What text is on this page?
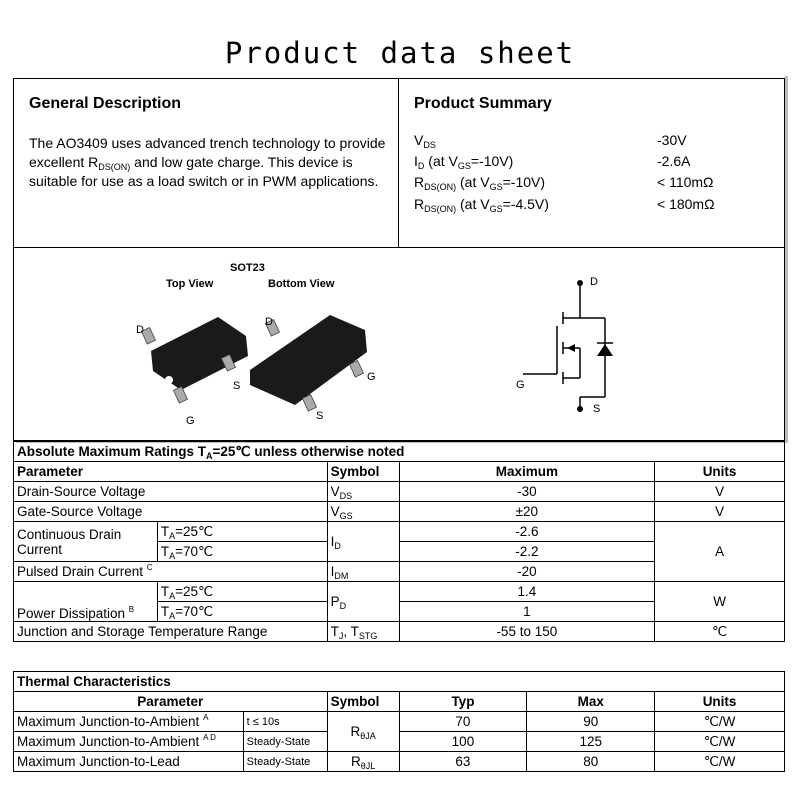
Product data sheet
General Description
The AO3409 uses advanced trench technology to provide excellent $R_{DS(ON)}$ and low gate charge. This device is suitable for use as a load switch or in PWM applications.
Product Summary
$V_{DS}$	-30V
$I_D$ (at $V_{GS}=-10V$)	-2.6A
$R_{DS(ON)}$ (at $V_{GS}=-10V$)	< 110mΩ
$R_{DS(ON)}$ (at $V_{GS}=-4.5V$)	< 180mΩ
SOT23
Top View	Bottom View
D
S
G
D
G
S
D
G
S
Absolute Maximum Ratings $T_A=25℃$ unless otherwise noted				
Parameter		Symbol	Maximum	Units
Drain-Source Voltage		$V_{DS}$	-30	V
Gate-Source Voltage		$V_{GS}$	±20	V
Continuous Drain
Current	$T_A=25℃$	$I_D$	-2.6	A
	$T_A=70℃$		-2.2	
Pulsed Drain Current $^C$		$I_{DM}$	-20	
Power Dissipation $^B$	$T_A=25℃$	$P_D$	1.4	W
	$T_A=70℃$		1	
Junction and Storage Temperature Range		$T_J$, $T_{STG}$	-55 to 150	℃
Thermal Characteristics					
Parameter		Symbol	Typ	Max	Units
Maximum Junction-to-Ambient $^A$	t ≤ 10s	$R_{\theta JA}$	70	90	℃/W
Maximum Junction-to-Ambient $^{A D}$	Steady-State		100	125	℃/W
Maximum Junction-to-Lead	Steady-State	$R_{\theta JL}$	63	80	℃/W
